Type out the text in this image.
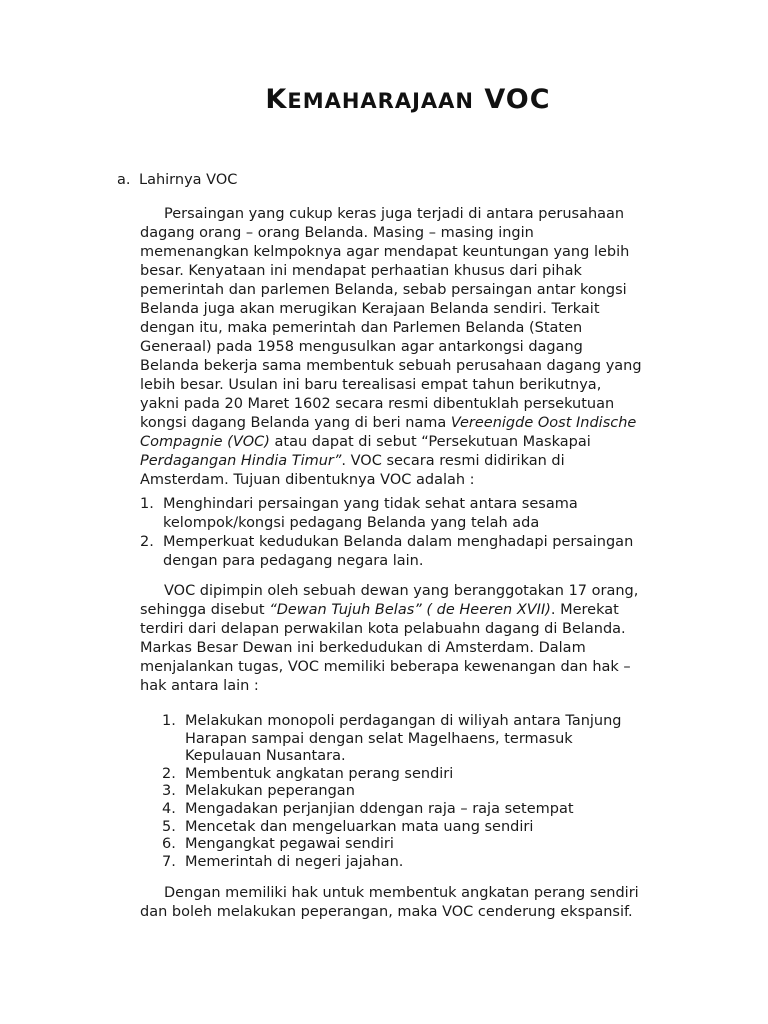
KEMAHARAJAAN VOC
a. Lahirnya VOC
Persaingan yang cukup keras juga terjadi di antara perusahaan
dagang orang – orang Belanda. Masing – masing ingin
memenangkan kelmpoknya agar mendapat keuntungan yang lebih
besar. Kenyataan ini mendapat perhaatian khusus dari pihak
pemerintah dan parlemen Belanda, sebab persaingan antar kongsi
Belanda juga akan merugikan Kerajaan Belanda sendiri. Terkait
dengan itu, maka pemerintah dan Parlemen Belanda (Staten
Generaal) pada 1958 mengusulkan agar antarkongsi dagang
Belanda bekerja sama membentuk sebuah perusahaan dagang yang
lebih besar. Usulan ini baru terealisasi empat tahun berikutnya,
yakni pada 20 Maret 1602 secara resmi dibentuklah persekutuan
kongsi dagang Belanda yang di beri nama Vereenigde Oost Indische
Compagnie (VOC) atau dapat di sebut “Persekutuan Maskapai
Perdagangan Hindia Timur”. VOC secara resmi didirikan di
Amsterdam. Tujuan dibentuknya VOC adalah :
1. Menghindari persaingan yang tidak sehat antara sesama
kelompok/kongsi pedagang Belanda yang telah ada
2. Memperkuat kedudukan Belanda dalam menghadapi persaingan
dengan para pedagang negara lain.
VOC dipimpin oleh sebuah dewan yang beranggotakan 17 orang,
sehingga disebut “Dewan Tujuh Belas” ( de Heeren XVII). Merekat
terdiri dari delapan perwakilan kota pelabuahn dagang di Belanda.
Markas Besar Dewan ini berkedudukan di Amsterdam. Dalam
menjalankan tugas, VOC memiliki beberapa kewenangan dan hak –
hak antara lain :
1. Melakukan monopoli perdagangan di wiliyah antara Tanjung
Harapan sampai dengan selat Magelhaens, termasuk
Kepulauan Nusantara.
2. Membentuk angkatan perang sendiri
3. Melakukan peperangan
4. Mengadakan perjanjian ddengan raja – raja setempat
5. Mencetak dan mengeluarkan mata uang sendiri
6. Mengangkat pegawai sendiri
7. Memerintah di negeri jajahan.
Dengan memiliki hak untuk membentuk angkatan perang sendiri
dan boleh melakukan peperangan, maka VOC cenderung ekspansif.
